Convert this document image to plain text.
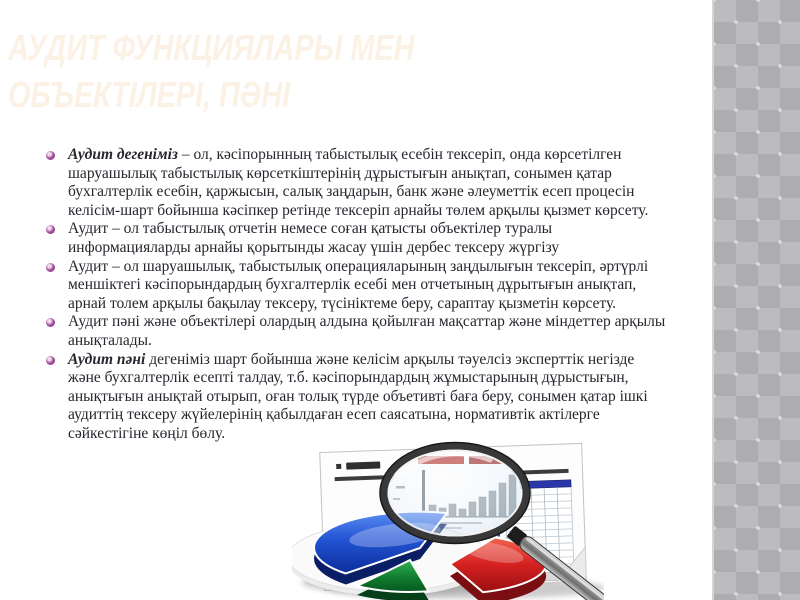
АУДИТ ФУНКЦИЯЛАРЫ МЕН
ОБЪЕКТІЛЕРІ, ПӘНІ

Аудит дегеніміз – ол, кәсіпорынның табыстылық есебін тексеріп, онда көрсетілген шаруашылық табыстылық көрсеткіштерінің дұрыстығын анықтап, сонымен қатар бухгалтерлік есебін, қаржысын, салық заңдарын, банк және әлеуметтік есеп процесін келісім-шарт бойынша кәсіпкер ретінде тексеріп арнайы төлем арқылы қызмет көрсету.

Аудит – ол табыстылық отчетін немесе соған қатысты объектілер туралы информацияларды арнайы қорытынды жасау үшін дербес тексеру жүргізу

Аудит – ол шаруашылық, табыстылық операцияларының заңдылығын тексеріп, әртүрлі меншіктегі кәсіпорындардың бухгалтерлік есебі мен отчетының дұрытығын анықтап, арнай толем арқылы бақылау тексеру, түсініктеме беру, сараптау қызметін көрсету.

Аудит пәні және объектілері олардың алдына қойылған мақсаттар және міндеттер арқылы анықталады.

Аудит пәні дегеніміз шарт бойынша және келісім арқылы тәуелсіз эксперттік негізде және бухгалтерлік есепті талдау, т.б. кәсіпорындардың жұмыстарының дұрыстығын, анықтығын анықтай отырып, оған толық түрде объетивті баға беру, сонымен қатар ішкі аудиттің тексеру жүйелерінің қабылдаған есеп саясатына, нормативтік актілерге сәйкестігіне көңіл бөлу.
